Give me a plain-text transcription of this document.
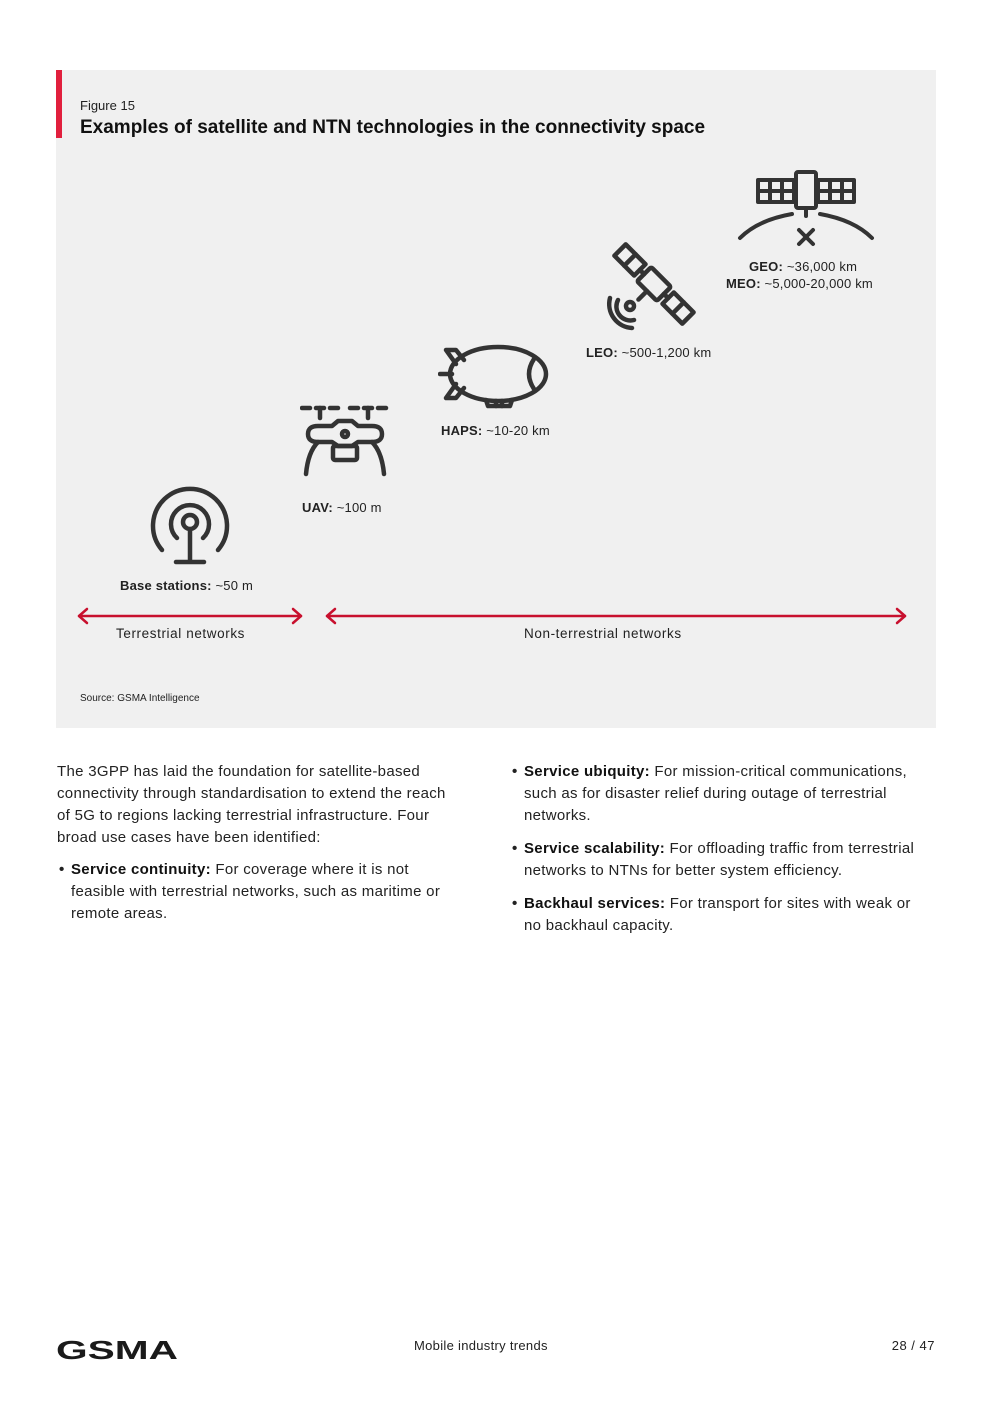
Figure 15
Examples of satellite and NTN technologies in the connectivity space
Base stations: ~50 m
UAV: ~100 m
HAPS: ~10-20 km
LEO: ~500-1,200 km
GEO: ~36,000 km
MEO: ~5,000-20,000 km
Terrestrial networks	Non-terrestrial networks
Source: GSMA Intelligence

The 3GPP has laid the foundation for satellite-based connectivity through standardisation to extend the reach of 5G to regions lacking terrestrial infrastructure. Four broad use cases have been identified:

• Service continuity: For coverage where it is not feasible with terrestrial networks, such as maritime or remote areas.
• Service ubiquity: For mission-critical communications, such as for disaster relief during outage of terrestrial networks.
• Service scalability: For offloading traffic from terrestrial networks to NTNs for better system efficiency.
• Backhaul services: For transport for sites with weak or no backhaul capacity.
GSMA	Mobile industry trends	28 / 47
